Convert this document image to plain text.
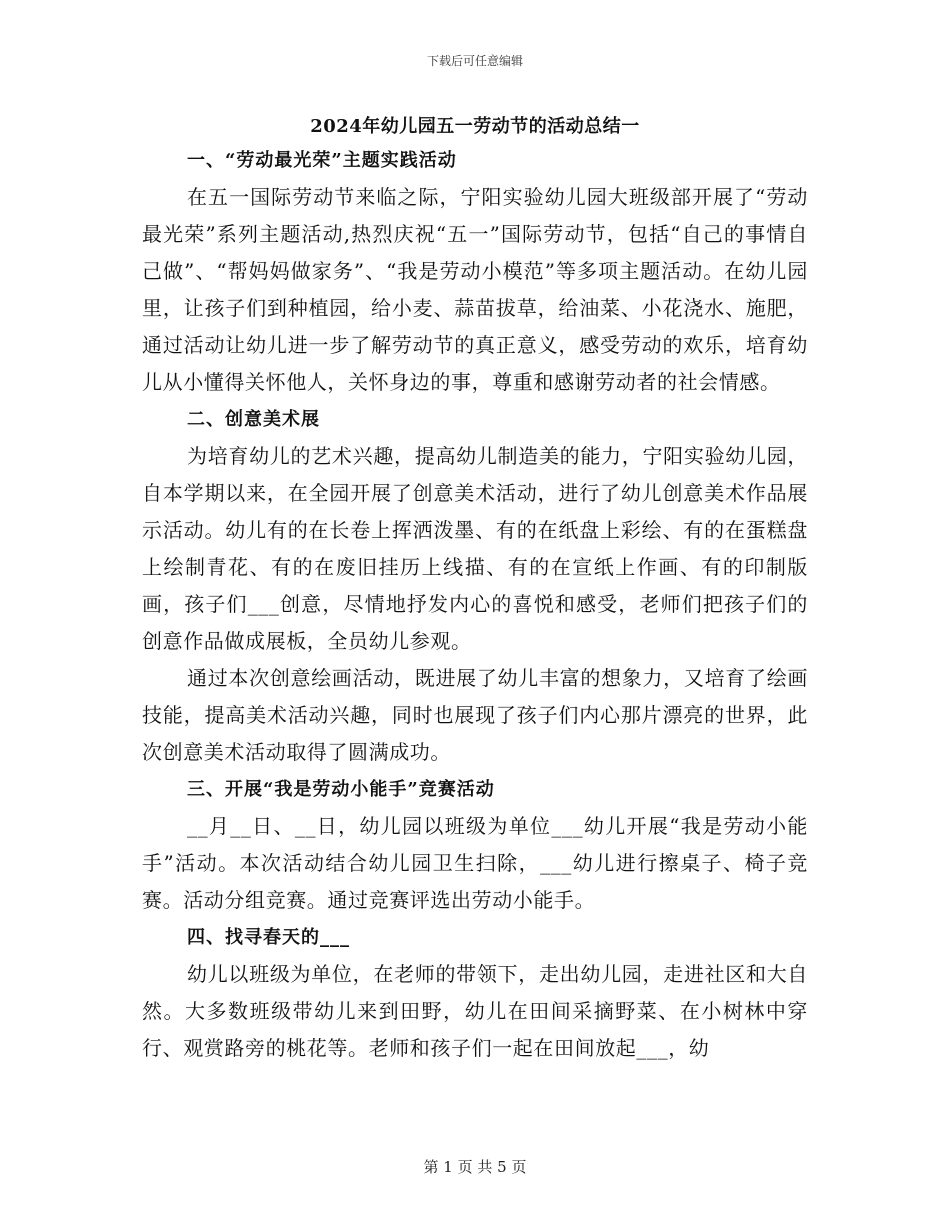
下载后可任意编辑
2024年幼儿园五一劳动节的活动总结一
一、“劳动最光荣”主题实践活动

在五一国际劳动节来临之际，宁阳实验幼儿园大班级部开展了“劳动最光荣”系列主题活动,热烈庆祝“五一”国际劳动节，包括“自己的事情自己做”、“帮妈妈做家务”、“我是劳动小模范”等多项主题活动。在幼儿园里，让孩子们到种植园，给小麦、蒜苗拔草，给油菜、小花浇水、施肥，通过活动让幼儿进一步了解劳动节的真正意义，感受劳动的欢乐，培育幼儿从小懂得关怀他人，关怀身边的事，尊重和感谢劳动者的社会情感。

二、创意美术展

为培育幼儿的艺术兴趣，提高幼儿制造美的能力，宁阳实验幼儿园，自本学期以来，在全园开展了创意美术活动，进行了幼儿创意美术作品展示活动。幼儿有的在长卷上挥洒泼墨、有的在纸盘上彩绘、有的在蛋糕盘上绘制青花、有的在废旧挂历上线描、有的在宣纸上作画、有的印制版画，孩子们___创意，尽情地抒发内心的喜悦和感受，老师们把孩子们的创意作品做成展板，全员幼儿参观。

通过本次创意绘画活动，既进展了幼儿丰富的想象力，又培育了绘画技能，提高美术活动兴趣，同时也展现了孩子们内心那片漂亮的世界，此次创意美术活动取得了圆满成功。

三、开展“我是劳动小能手”竞赛活动

__月__日、__日，幼儿园以班级为单位___幼儿开展“我是劳动小能手”活动。本次活动结合幼儿园卫生扫除，___幼儿进行擦桌子、椅子竞赛。活动分组竞赛。通过竞赛评选出劳动小能手。

四、找寻春天的___

幼儿以班级为单位，在老师的带领下，走出幼儿园，走进社区和大自然。大多数班级带幼儿来到田野，幼儿在田间采摘野菜、在小树林中穿行、观赏路旁的桃花等。老师和孩子们一起在田间放起___，幼

第 1 页 共 5 页
